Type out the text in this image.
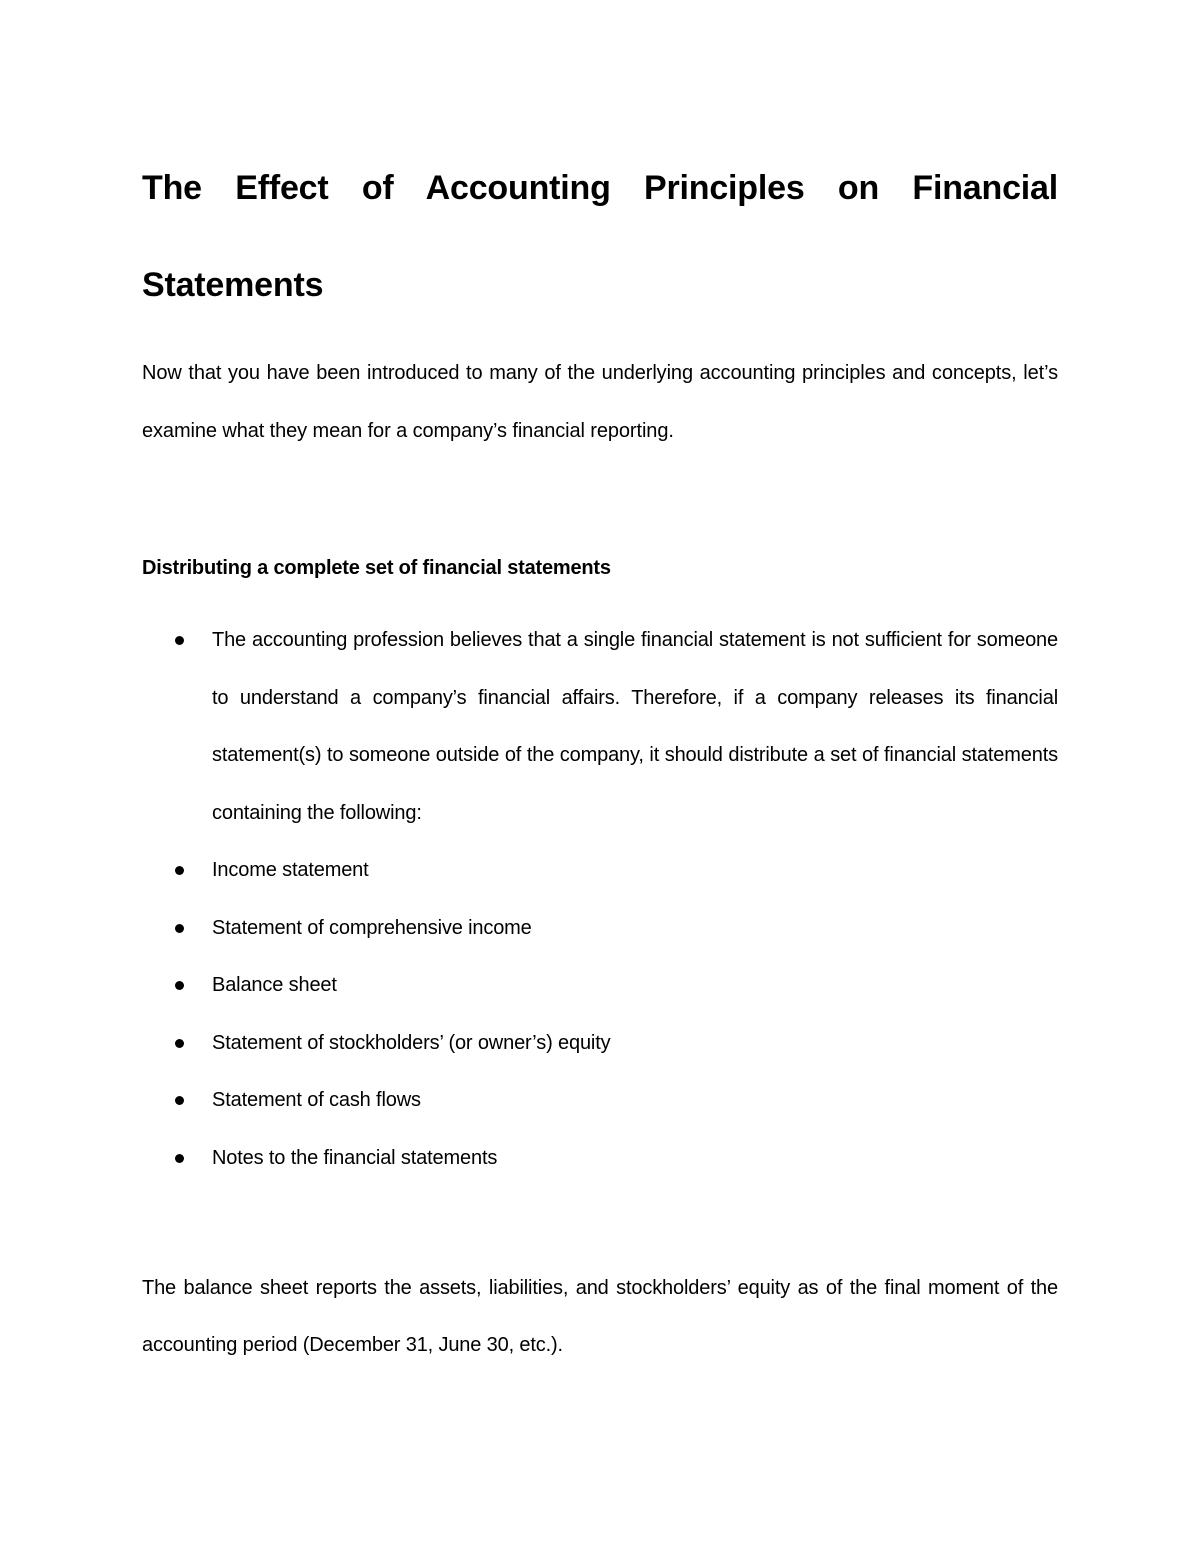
The Effect of Accounting Principles on Financial
Statements

Now that you have been introduced to many of the underlying accounting principles and concepts, let’s examine what they mean for a company’s financial reporting.

Distributing a complete set of financial statements
The accounting profession believes that a single financial statement is not sufficient for someone to understand a company’s financial affairs. Therefore, if a company releases its financial statement(s) to someone outside of the company, it should distribute a set of financial statements containing the following:
Income statement
Statement of comprehensive income
Balance sheet
Statement of stockholders’ (or owner’s) equity
Statement of cash flows
Notes to the financial statements

The balance sheet reports the assets, liabilities, and stockholders’ equity as of the final moment of the accounting period (December 31, June 30, etc.).
